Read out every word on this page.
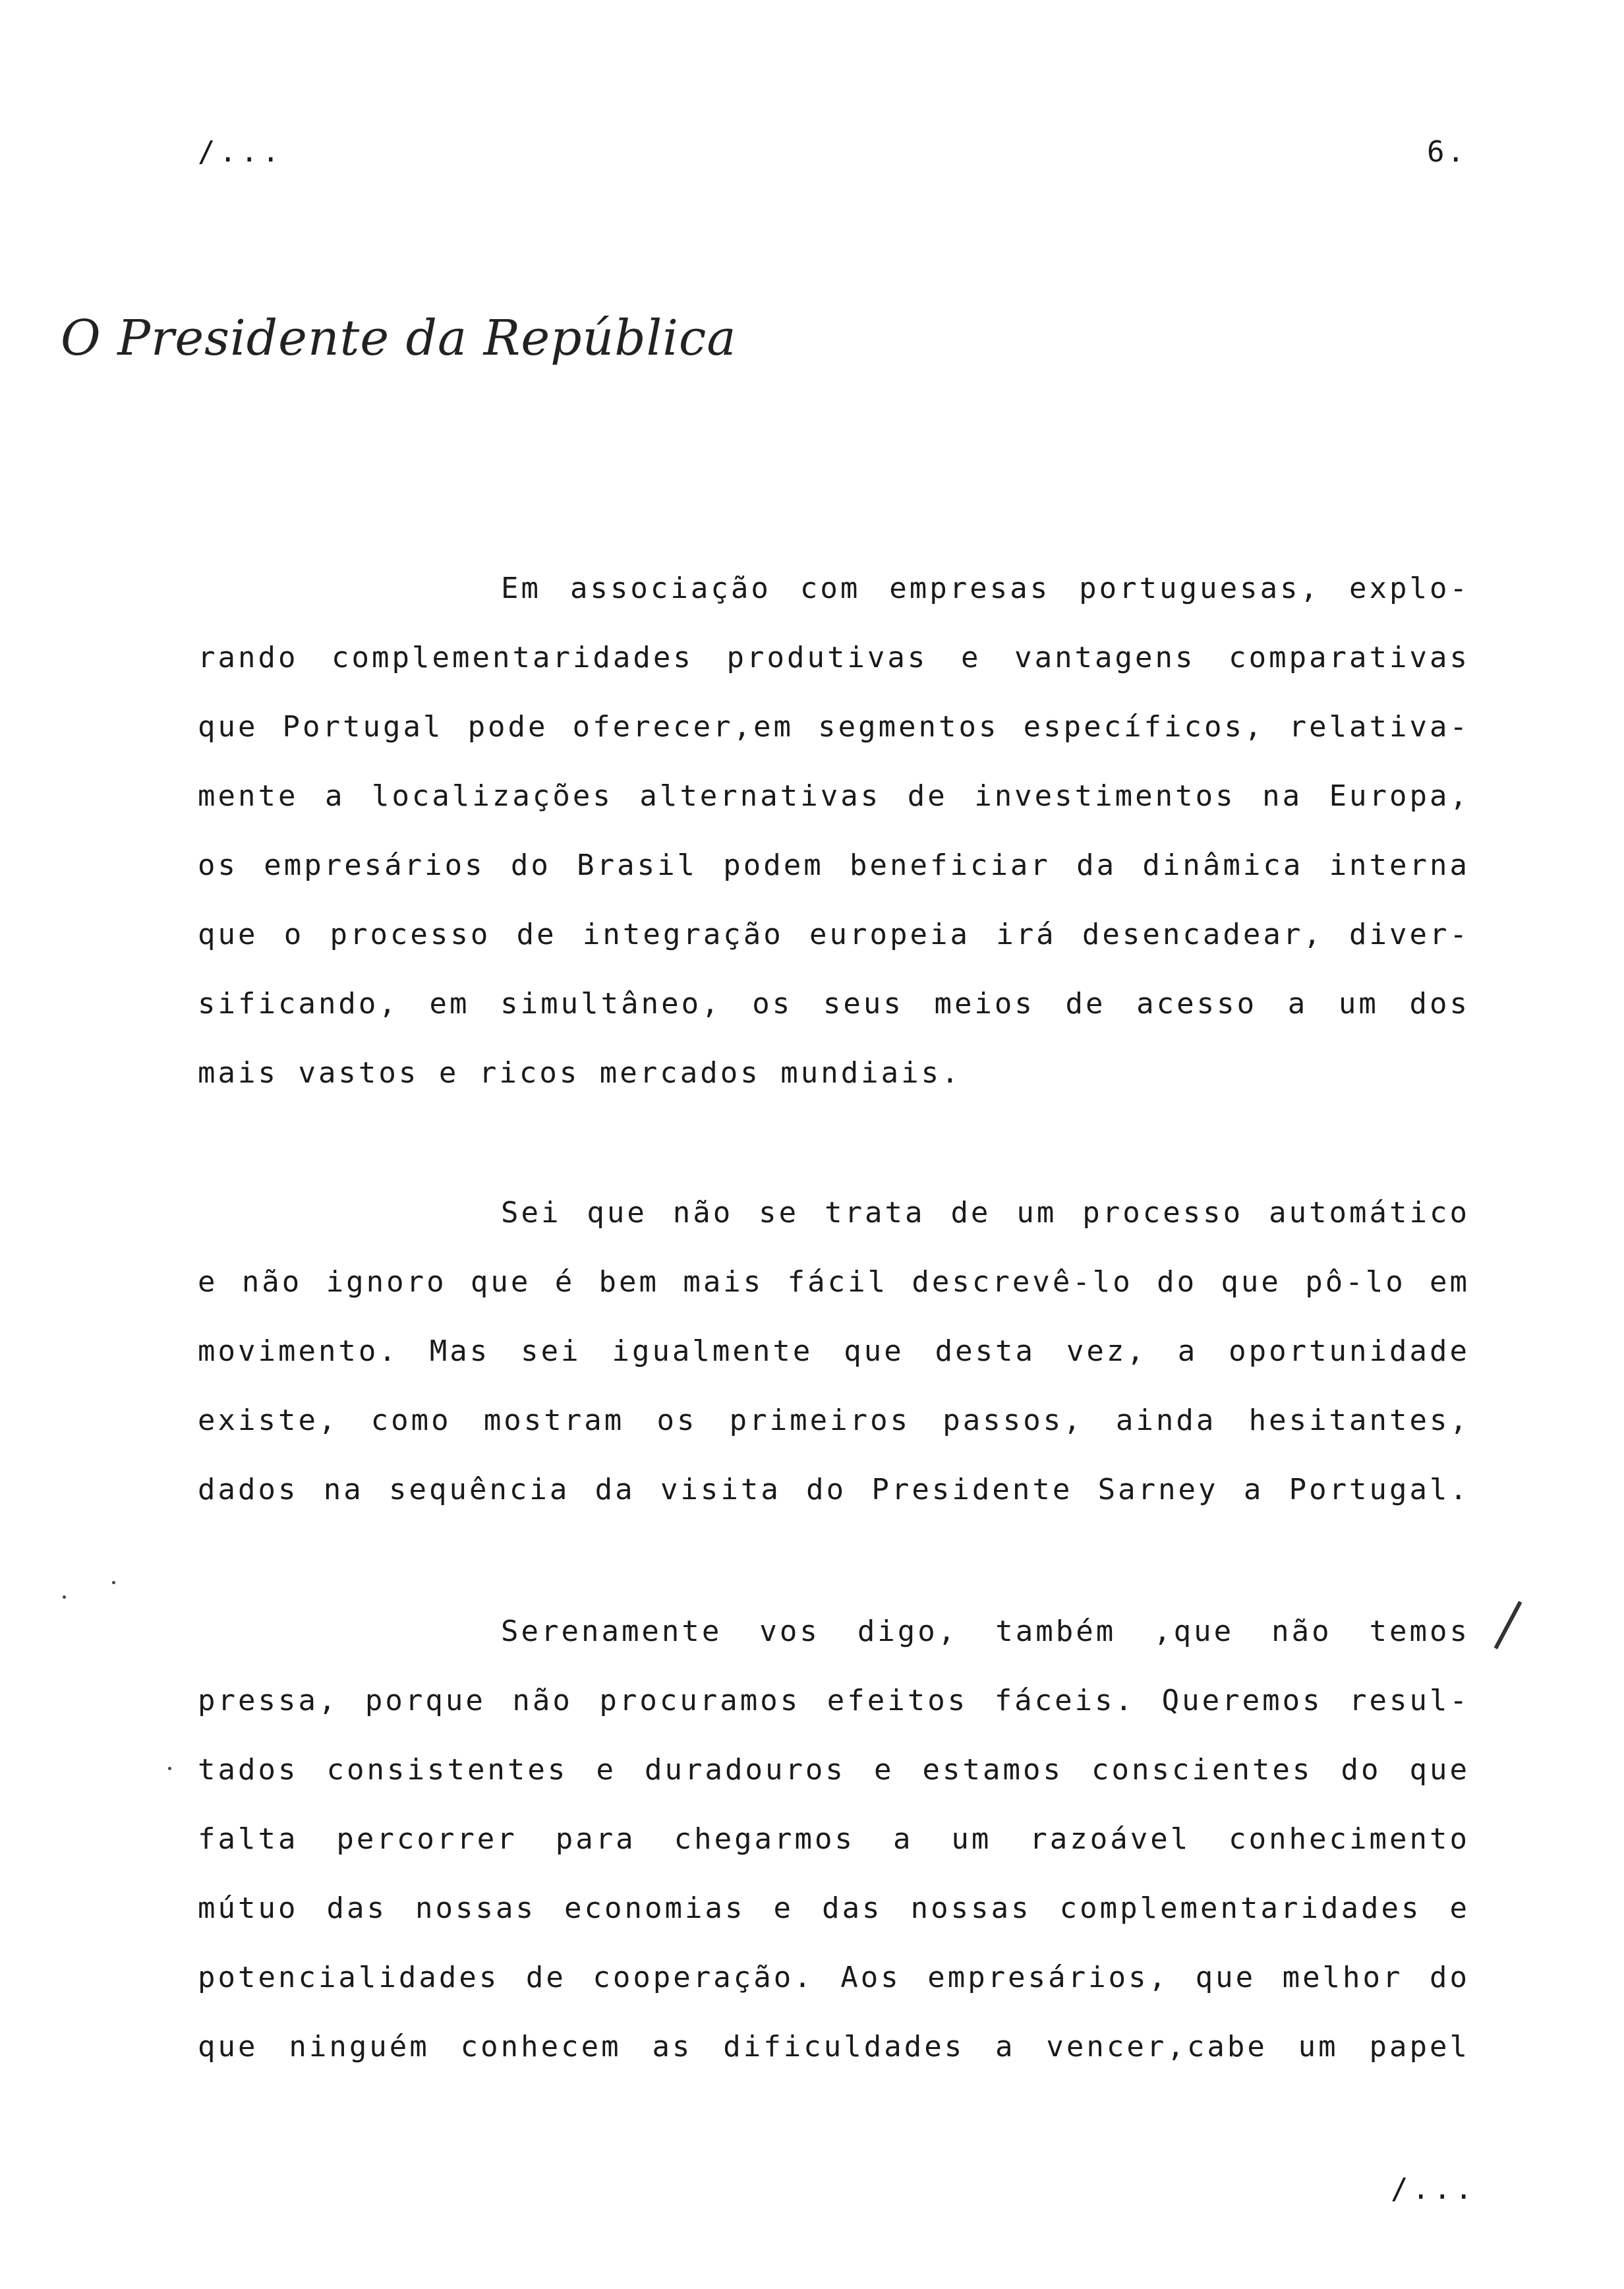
/...	6.
O Presidente da República
Em associação com empresas portuguesas, explo-
rando complementaridades produtivas e vantagens comparativas
que Portugal pode oferecer,em segmentos específicos, relativa-
mente a localizações alternativas de investimentos na Europa,
os empresários do Brasil podem beneficiar da dinâmica interna
que o processo de integração europeia irá desencadear, diver-
sificando, em simultâneo, os seus meios de acesso a um dos
mais vastos e ricos mercados mundiais.
Sei que não se trata de um processo automático
e não ignoro que é bem mais fácil descrevê-lo do que pô-lo em
movimento. Mas sei igualmente que desta vez, a oportunidade
existe, como mostram os primeiros passos, ainda hesitantes,
dados na sequência da visita do Presidente Sarney a Portugal.
Serenamente vos digo, também ,que não temos
pressa, porque não procuramos efeitos fáceis. Queremos resul-
tados consistentes e duradouros e estamos conscientes do que
falta percorrer para chegarmos a um razoável conhecimento
mútuo das nossas economias e das nossas complementaridades e
potencialidades de cooperação. Aos empresários, que melhor do
que ninguém conhecem as dificuldades a vencer,cabe um papel
/...
